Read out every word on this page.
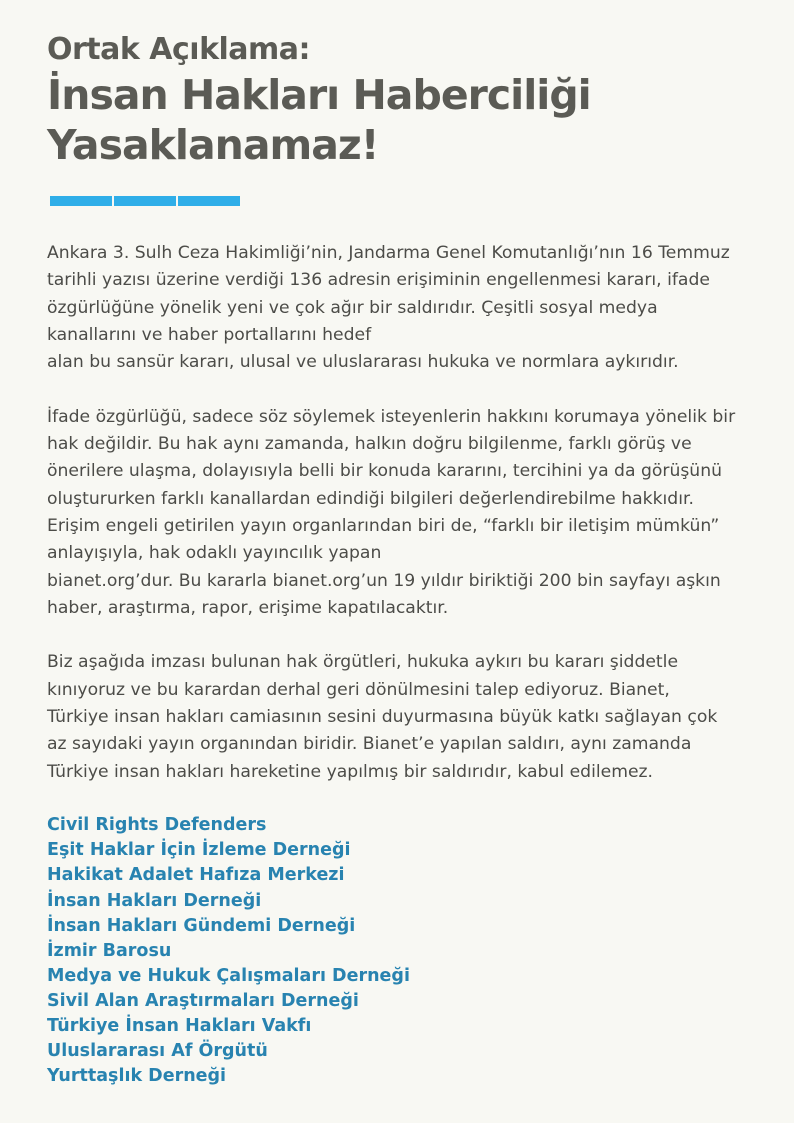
Ortak Açıklama:
İnsan Hakları Haberciliği
Yasaklanamaz!

Ankara 3. Sulh Ceza Hakimliği’nin, Jandarma Genel Komutanlığı’nın 16 Temmuz
tarihli yazısı üzerine verdiği 136 adresin erişiminin engellenmesi kararı, ifade
özgürlüğüne yönelik yeni ve çok ağır bir saldırıdır. Çeşitli sosyal medya
kanallarını ve haber portallarını hedef
alan bu sansür kararı, ulusal ve uluslararası hukuka ve normlara aykırıdır.

İfade özgürlüğü, sadece söz söylemek isteyenlerin hakkını korumaya yönelik bir
hak değildir. Bu hak aynı zamanda, halkın doğru bilgilenme, farklı görüş ve
önerilere ulaşma, dolayısıyla belli bir konuda kararını, tercihini ya da görüşünü
oluştururken farklı kanallardan edindiği bilgileri değerlendirebilme hakkıdır.
Erişim engeli getirilen yayın organlarından biri de, “farklı bir iletişim mümkün”
anlayışıyla, hak odaklı yayıncılık yapan
bianet.org’dur. Bu kararla bianet.org’un 19 yıldır biriktiği 200 bin sayfayı aşkın
haber, araştırma, rapor, erişime kapatılacaktır.

Biz aşağıda imzası bulunan hak örgütleri, hukuka aykırı bu kararı şiddetle
kınıyoruz ve bu karardan derhal geri dönülmesini talep ediyoruz. Bianet,
Türkiye insan hakları camiasının sesini duyurmasına büyük katkı sağlayan çok
az sayıdaki yayın organından biridir. Bianet’e yapılan saldırı, aynı zamanda
Türkiye insan hakları hareketine yapılmış bir saldırıdır, kabul edilemez.

Civil Rights Defenders
Eşit Haklar İçin İzleme Derneği
Hakikat Adalet Hafıza Merkezi
İnsan Hakları Derneği
İnsan Hakları Gündemi Derneği
İzmir Barosu
Medya ve Hukuk Çalışmaları Derneği
Sivil Alan Araştırmaları Derneği
Türkiye İnsan Hakları Vakfı
Uluslararası Af Örgütü
Yurttaşlık Derneği
